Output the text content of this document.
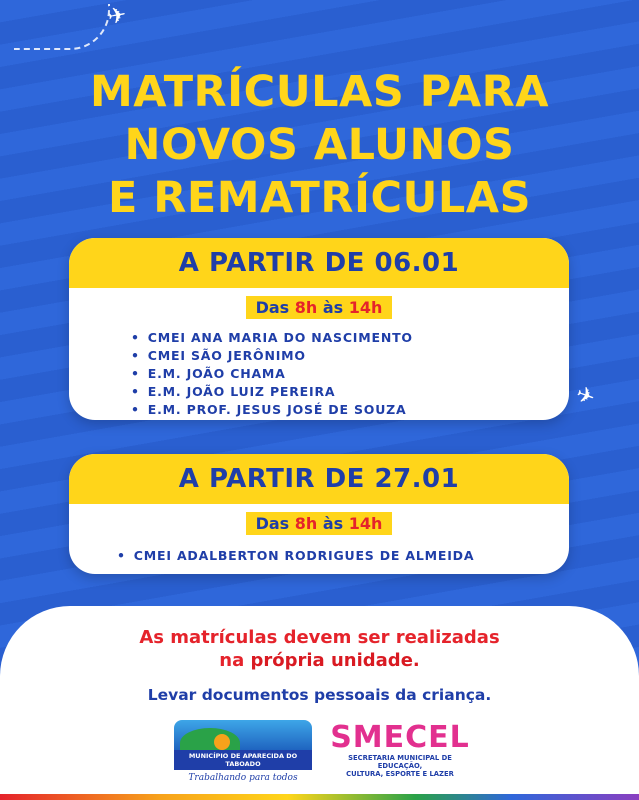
✈
✈
MATRÍCULAS PARA
NOVOS ALUNOS
E REMATRÍCULAS
A PARTIR DE 06.01
Das 8h às 14h
• CMEI ANA MARIA DO NASCIMENTO
• CMEI SÃO JERÔNIMO
• E.M. JOÃO CHAMA
• E.M. JOÃO LUIZ PEREIRA
• E.M. PROF. JESUS JOSÉ DE SOUZA
A PARTIR DE 27.01
Das 8h às 14h
• CMEI ADALBERTON RODRIGUES DE ALMEIDA
As matrículas devem ser realizadas
na própria unidade.
Levar documentos pessoais da criança.
MUNICÍPIO DE APARECIDA DO TABOADO
Trabalhando para todos
SMECEL
SECRETARIA MUNICIPAL DE EDUCAÇÃO,
CULTURA, ESPORTE E LAZER
